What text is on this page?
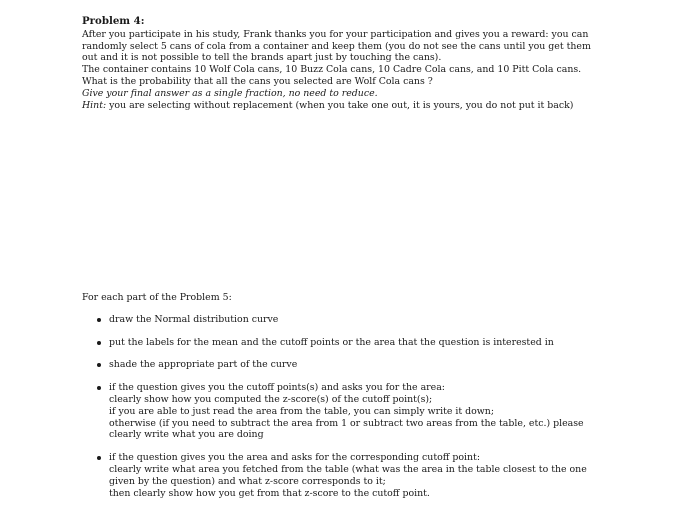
Problem 4:

After you participate in his study, Frank thanks you for your participation and gives you a reward: you can
randomly select 5 cans of cola from a container and keep them (you do not see the cans until you get them
out and it is not possible to tell the brands apart just by touching the cans).

The container contains 10 Wolf Cola cans, 10 Buzz Cola cans, 10 Cadre Cola cans, and 10 Pitt Cola cans.

What is the probability that all the cans you selected are Wolf Cola cans ?

Give your final answer as a single fraction, no need to reduce.

Hint: you are selecting without replacement (when you take one out, it is yours, you do not put it back)

For each part of the Problem 5:

draw the Normal distribution curve
put the labels for the mean and the cutoff points or the area that the question is interested in
shade the appropriate part of the curve
if the question gives you the cutoff points(s) and asks you for the area:
clearly show how you computed the z-score(s) of the cutoff point(s);
if you are able to just read the area from the table, you can simply write it down;
otherwise (if you need to subtract the area from 1 or subtract two areas from the table, etc.) please
clearly write what you are doing
if the question gives you the area and asks for the corresponding cutoff point:
clearly write what area you fetched from the table (what was the area in the table closest to the one
given by the question) and what z-score corresponds to it;
then clearly show how you get from that z-score to the cutoff point.
